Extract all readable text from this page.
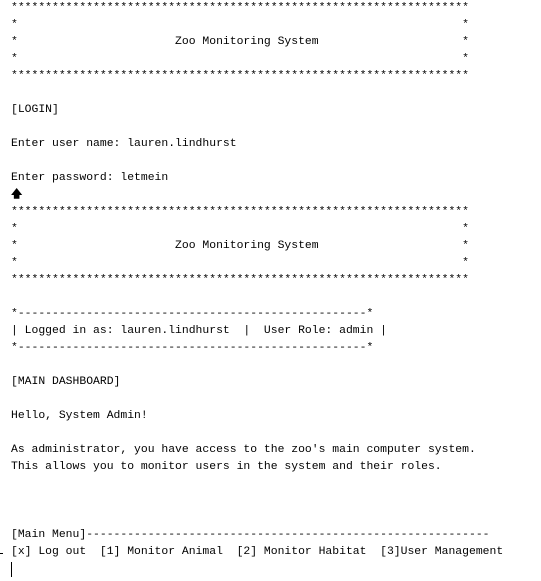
*******************************************************************
*                                                                 *
*                       Zoo Monitoring System                     *
*                                                                 *
*******************************************************************
[LOGIN]
Enter user name: lauren.lindhurst
Enter password: letmein
🡅
*******************************************************************
*                                                                 *
*                       Zoo Monitoring System                     *
*                                                                 *
*******************************************************************
*---------------------------------------------------*
| Logged in as: lauren.lindhurst  |  User Role: admin |
*---------------------------------------------------*
[MAIN DASHBOARD]
Hello, System Admin!
As administrator, you have access to the zoo's main computer system.
This allows you to monitor users in the system and their roles.
[Main Menu]-----------------------------------------------------------
[x] Log out  [1] Monitor Animal  [2] Monitor Habitat  [3]User Management
